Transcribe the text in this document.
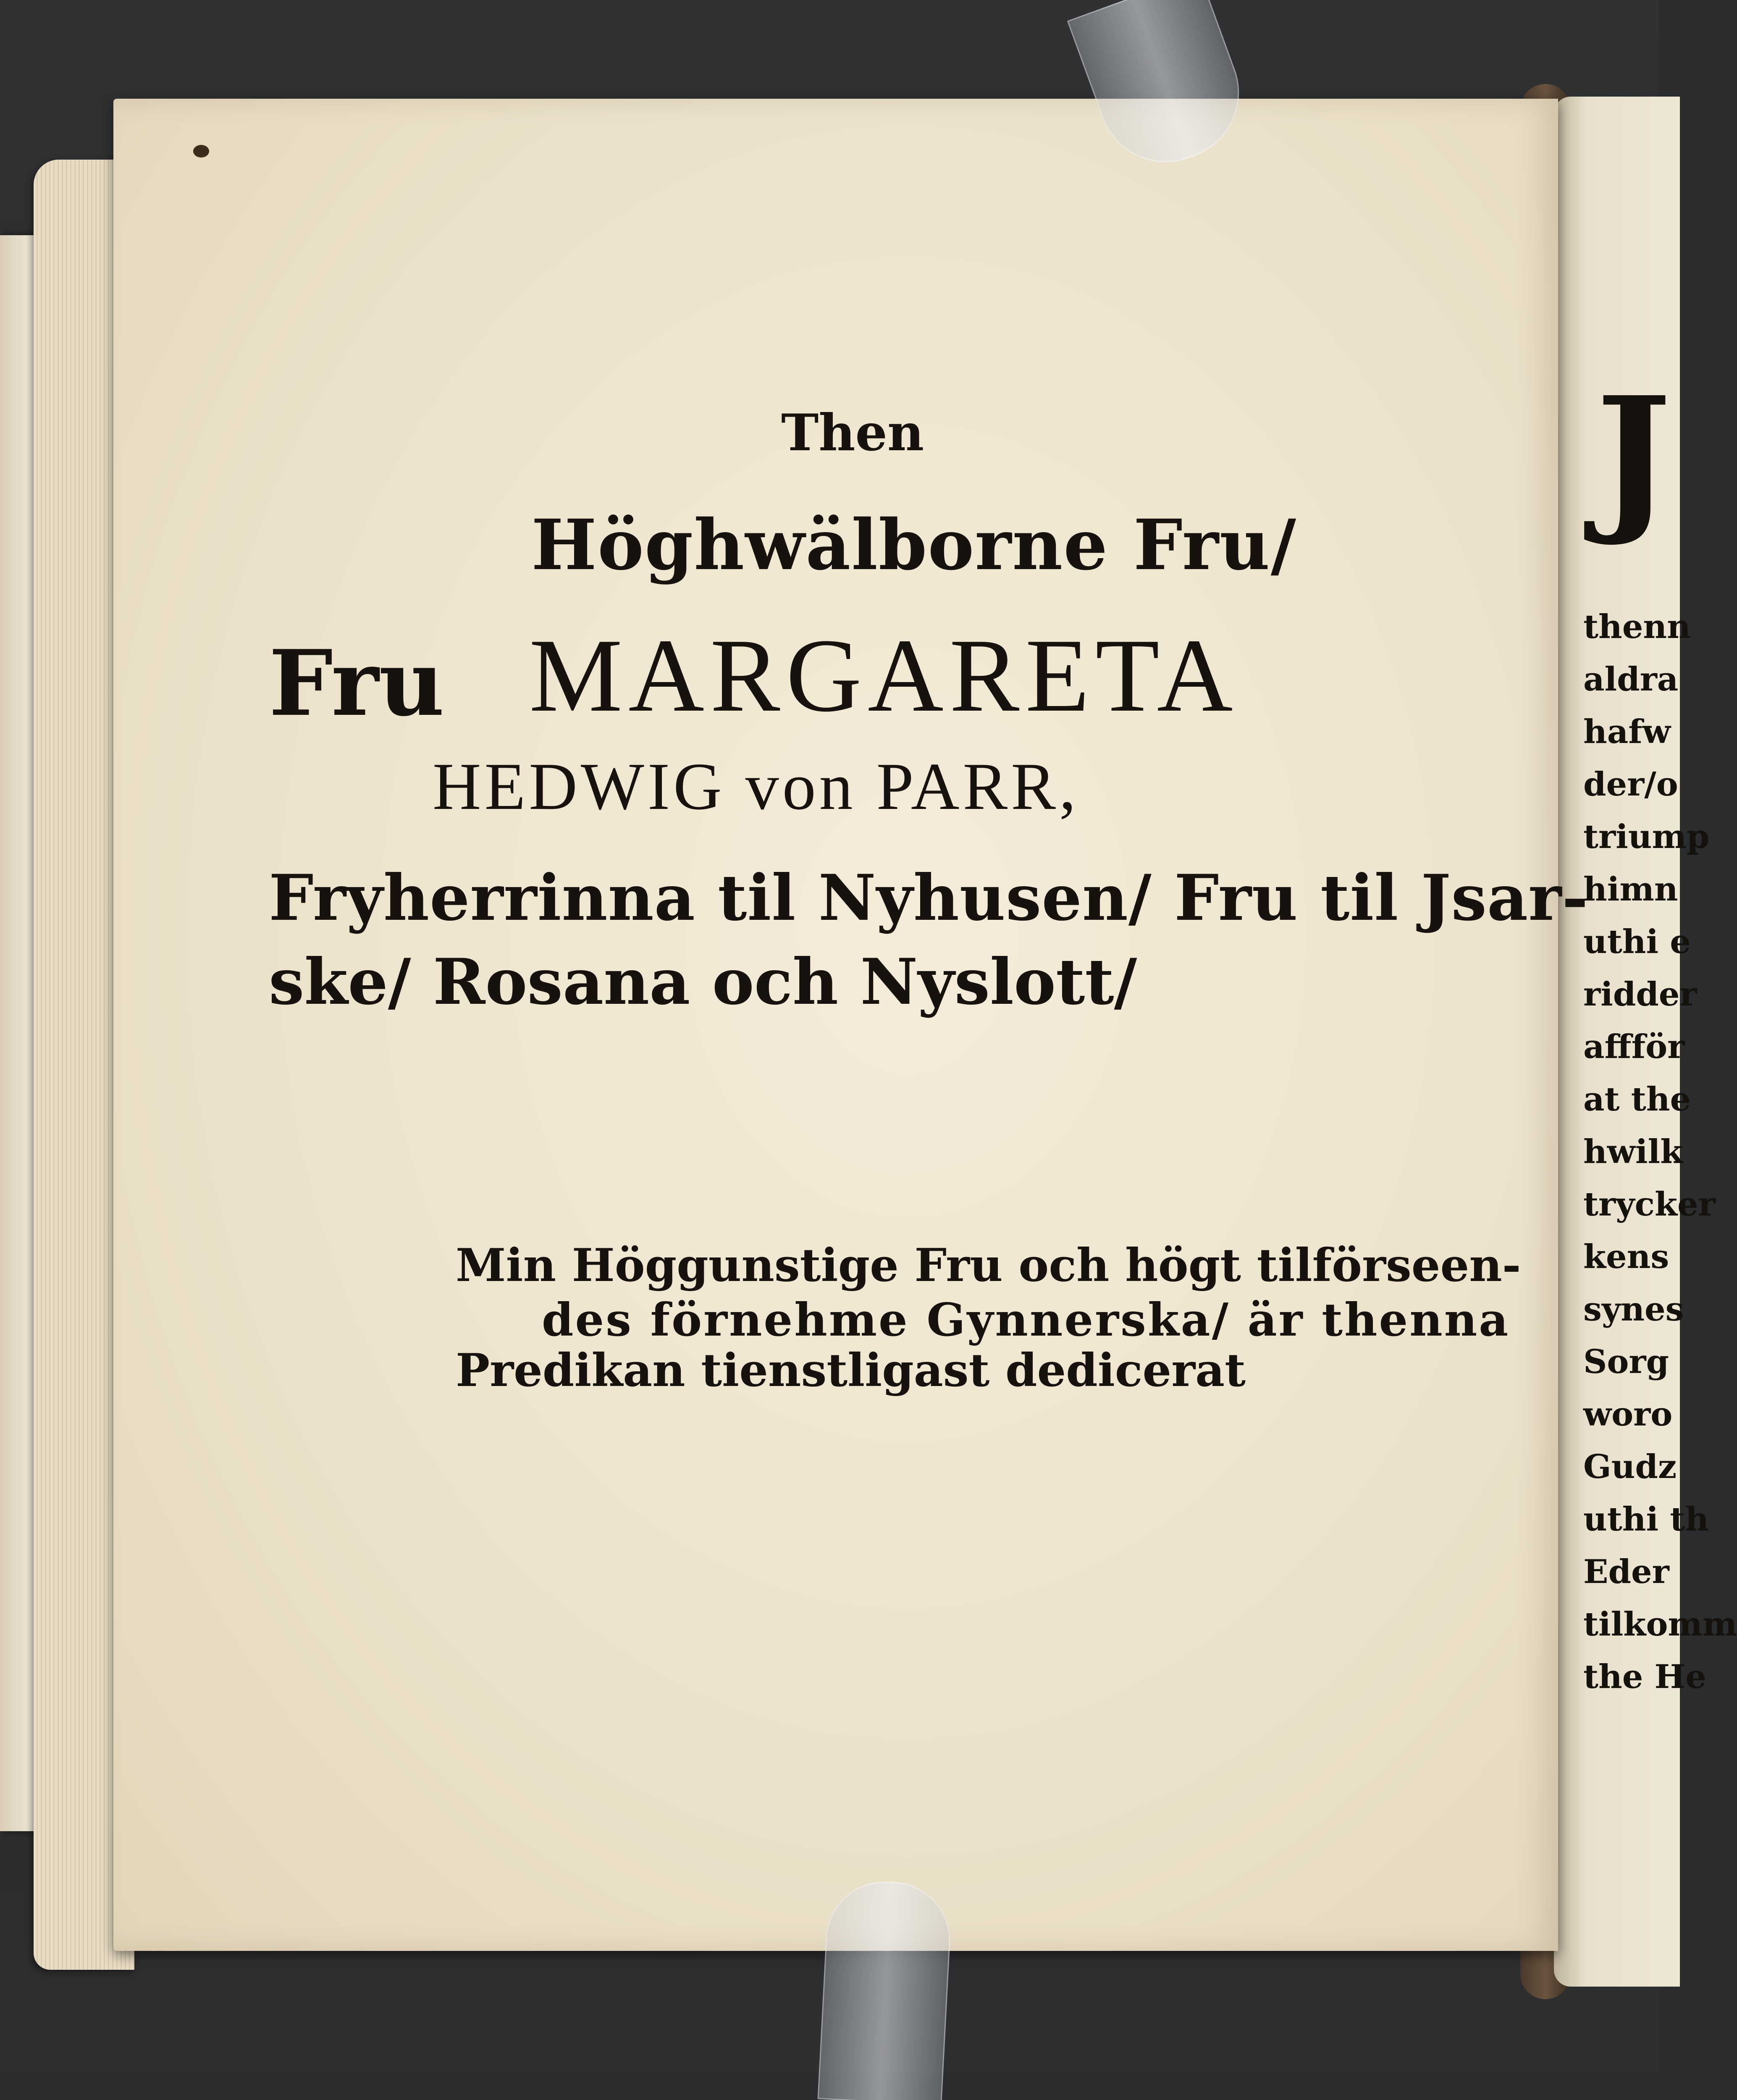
Then
Höghwälborne Fru/
Fru MARGARETA
HEDWIG von PARR,
Fryherrinna til Nyhusen/ Fru til Jsar-
ske/ Rosana och Nyslott/
Min Höggunstige Fru och högt tilförseen-
des förnehme Gynnerska/ är thenna
Predikan tienstligast dedicerat
J
thenn
aldra
hafw
der/o
triump
himn
uthi e
ridder
affför
at the
hwilk
trycker
kens
synes
Sorg
woro
Gudz
uthi th
Eder
tilkomm
the He
